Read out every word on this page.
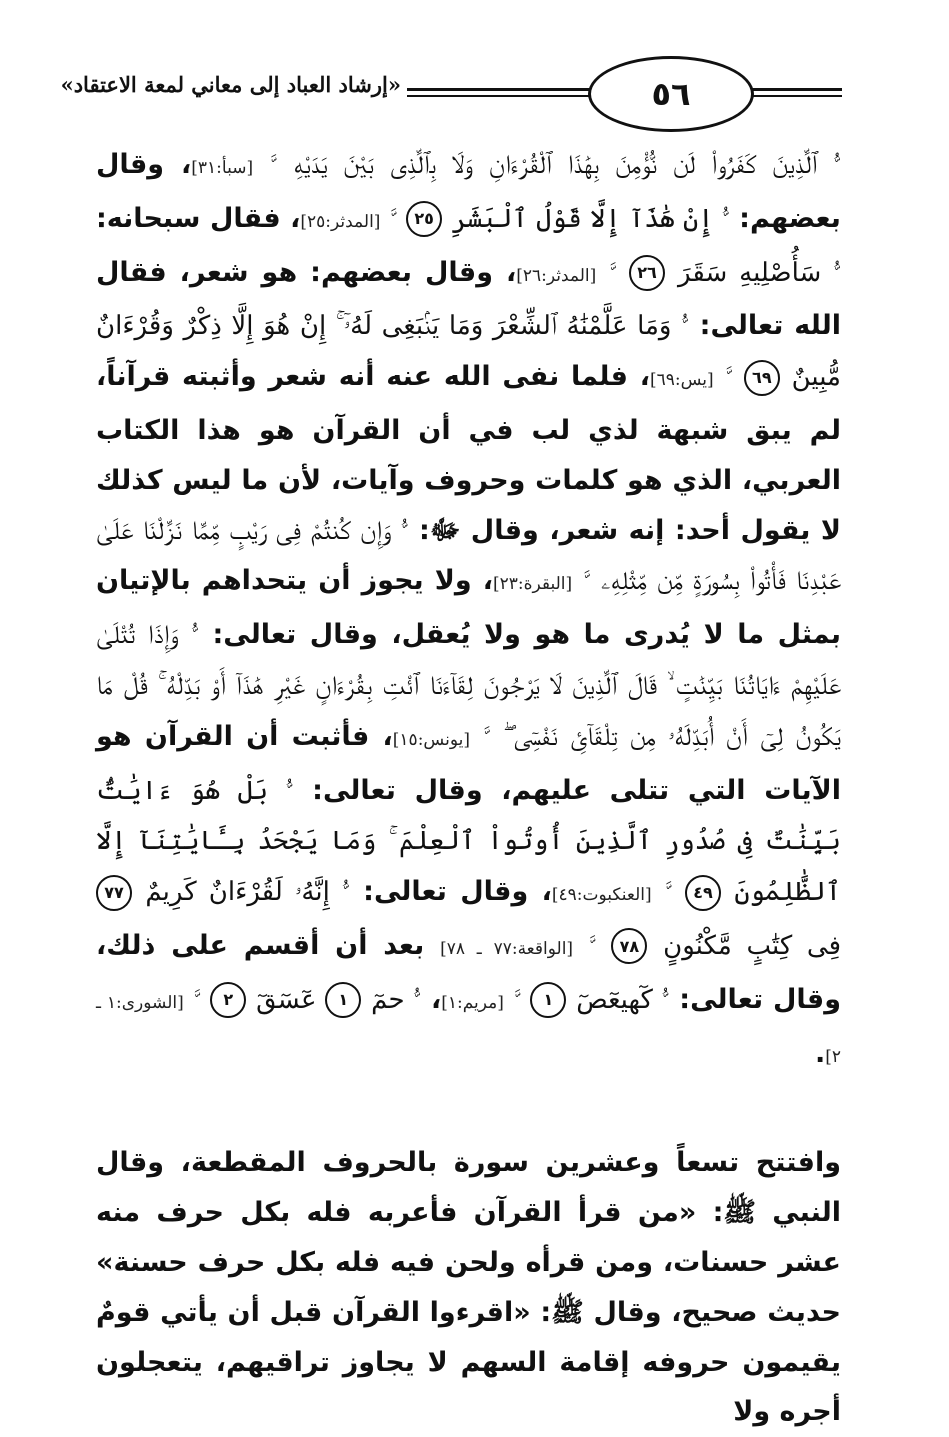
«إرشاد العباد إلى معاني لمعة الاعتقاد»	٥٦

ﱡ ٱلَّذِينَ كَفَرُواْ لَن نُّؤْمِنَ بِهَٰذَا ٱلْقُرْءَانِ وَلَا بِٱلَّذِى بَيْنَ يَدَيْهِ ﱠ [سبأ:٣١]، وقال بعضهم: ﱡ إِنْ هَٰذَآ إِلَّا قَوْلُ ٱلْبَشَرِ ٢٥ ﱠ [المدثر:٢٥]، فقال سبحانه: ﱡ سَأُصْلِيهِ سَقَرَ ٢٦ ﱠ [المدثر:٢٦]، وقال بعضهم: هو شعر، فقال الله تعالى: ﱡ وَمَا عَلَّمْنَٰهُ ٱلشِّعْرَ وَمَا يَنۢبَغِى لَهُۥٓ ۚ إِنْ هُوَ إِلَّا ذِكْرٌ وَقُرْءَانٌ مُّبِينٌ ٦٩ ﱠ [يس:٦٩]، فلما نفى الله عنه أنه شعر وأثبته قرآناً، لم يبق شبهة لذي لب في أن القرآن هو هذا الكتاب العربي، الذي هو كلمات وحروف وآيات، لأن ما ليس كذلك لا يقول أحد: إنه شعر، وقال ﷻ: ﱡ وَإِن كُنتُمْ فِى رَيْبٍ مِّمَّا نَزَّلْنَا عَلَىٰ عَبْدِنَا فَأْتُواْ بِسُورَةٍ مِّن مِّثْلِهِۦ ﱠ [البقرة:٢٣]، ولا يجوز أن يتحداهم بالإتيان بمثل ما لا يُدرى ما هو ولا يُعقل، وقال تعالى: ﱡ وَإِذَا تُتْلَىٰ عَلَيْهِمْ ءَايَاتُنَا بَيِّنَٰتٍ ۙ قَالَ ٱلَّذِينَ لَا يَرْجُونَ لِقَآءَنَا ٱئْتِ بِقُرْءَانٍ غَيْرِ هَٰذَآ أَوْ بَدِّلْهُ ۚ قُلْ مَا يَكُونُ لِىٓ أَنْ أُبَدِّلَهُۥ مِن تِلْقَآئِ نَفْسِىٓ ۖ ﱠ [يونس:١٥]، فأثبت أن القرآن هو الآيات التي تتلى عليهم، وقال تعالى: ﱡ بَلْ هُوَ ءَايَٰتٌۢ بَيِّنَٰتٌ فِى صُدُورِ ٱلَّذِينَ أُوتُواْ ٱلْعِلْمَ ۚ وَمَا يَجْحَدُ بِـَٔايَٰتِنَآ إِلَّا ٱلظَّٰلِمُونَ ٤٩ ﱠ [العنكبوت:٤٩]، وقال تعالى: ﱡ إِنَّهُۥ لَقُرْءَانٌ كَرِيمٌ ٧٧ فِى كِتَٰبٍ مَّكْنُونٍ ٧٨ ﱠ [الواقعة:٧٧ ـ ٧٨] بعد أن أقسم على ذلك، وقال تعالى: ﱡ كٓهيعٓصٓ ١ ﱠ [مريم:١]، ﱡ حمٓ ١ عٓسٓقٓ ٢ ﱠ [الشورى:١ ـ ٢].

وافتتح تسعاً وعشرين سورة بالحروف المقطعة، وقال النبي ﷺ: «من قرأ القرآن فأعربه فله بكل حرف منه عشر حسنات، ومن قرأه ولحن فيه فله بكل حرف حسنة» حديث صحيح، وقال ﷺ: «اقرءوا القرآن قبل أن يأتي قومٌ يقيمون حروفه إقامة السهم لا يجاوز تراقيهم، يتعجلون أجره ولا
